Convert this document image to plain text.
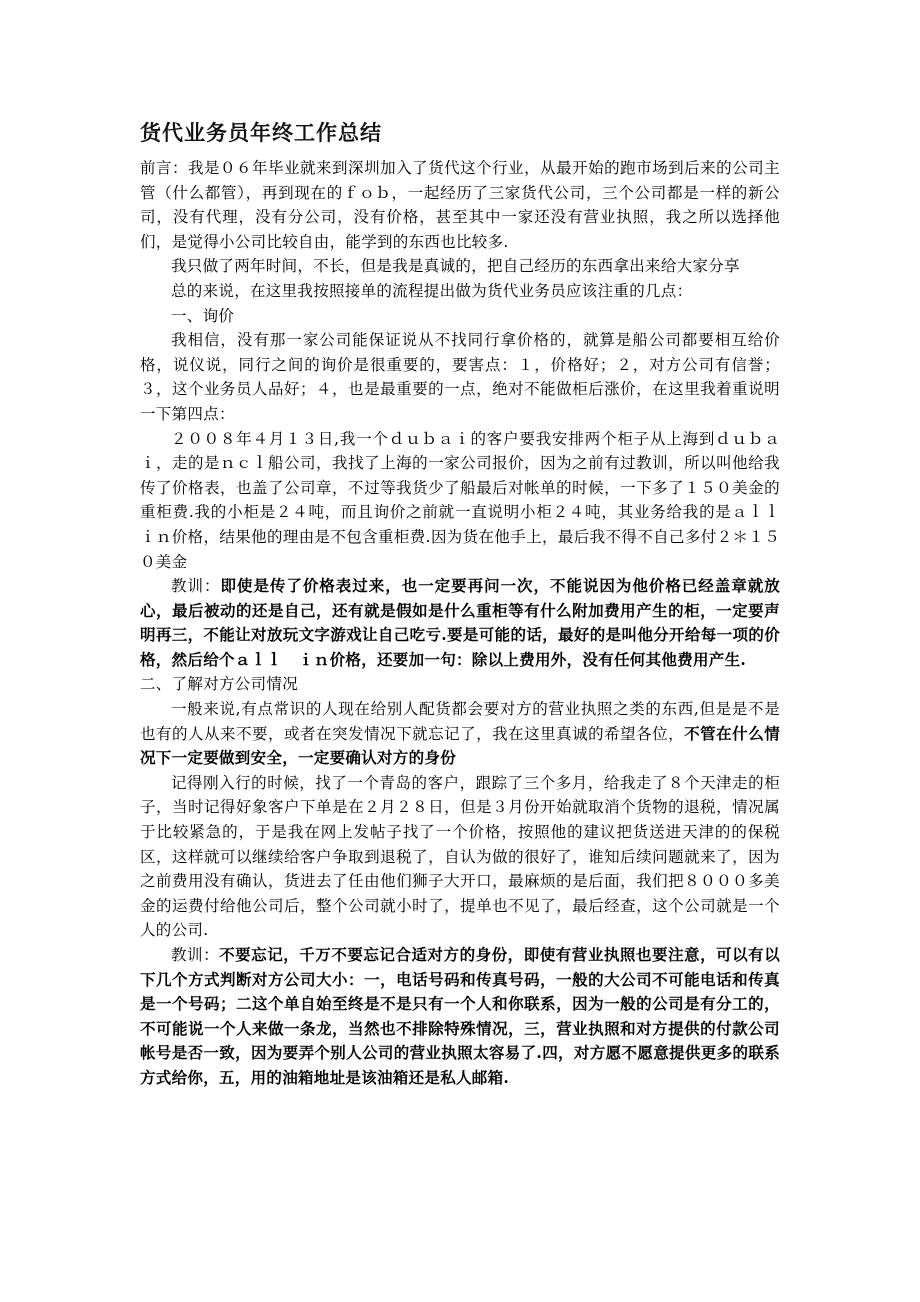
货代业务员年终工作总结

前言：我是０６年毕业就来到深圳加入了货代这个行业，从最开始的跑市场到后来的公司主管（什么都管），再到现在的ｆｏｂ，一起经历了三家货代公司，三个公司都是一样的新公司，没有代理，没有分公司，没有价格，甚至其中一家还没有营业执照，我之所以选择他们，是觉得小公司比较自由，能学到的东西也比较多.

我只做了两年时间，不长，但是我是真诚的，把自己经历的东西拿出来给大家分享

总的来说，在这里我按照接单的流程提出做为货代业务员应该注重的几点：

一、询价

我相信，没有那一家公司能保证说从不找同行拿价格的，就算是船公司都要相互给价格，说仪说，同行之间的询价是很重要的，要害点：１，价格好；２，对方公司有信誉；３，这个业务员人品好；４，也是最重要的一点，绝对不能做柜后涨价，在这里我着重说明一下第四点：

２００８年４月１３日,我一个ｄｕｂａｉ的客户要我安排两个柜子从上海到ｄｕｂａｉ，走的是ｎｃｌ船公司，我找了上海的一家公司报价，因为之前有过教训，所以叫他给我传了价格表，也盖了公司章，不过等我货少了船最后对帐单的时候，一下多了１５０美金的重柜费.我的小柜是２４吨，而且询价之前就一直说明小柜２４吨，其业务给我的是ａｌｌ　ｉｎ价格，结果他的理由是不包含重柜费.因为货在他手上，最后我不得不自己多付２＊１５０美金

教训：即使是传了价格表过来，也一定要再问一次，不能说因为他价格已经盖章就放心，最后被动的还是自己，还有就是假如是什么重柜等有什么附加费用产生的柜，一定要声明再三，不能让对放玩文字游戏让自己吃亏.要是可能的话，最好的是叫他分开给每一项的价格，然后给个ａｌｌ　ｉｎ价格，还要加一句：除以上费用外，没有任何其他费用产生.

二、了解对方公司情况

一般来说,有点常识的人现在给别人配货都会要对方的营业执照之类的东西,但是是不是也有的人从来不要，或者在突发情况下就忘记了，我在这里真诚的希望各位，不管在什么情况下一定要做到安全，一定要确认对方的身份

记得刚入行的时候，找了一个青岛的客户，跟踪了三个多月，给我走了８个天津走的柜子，当时记得好象客户下单是在２月２８日，但是３月份开始就取消个货物的退税，情况属于比较紧急的，于是我在网上发帖子找了一个价格，按照他的建议把货送进天津的的保税区，这样就可以继续给客户争取到退税了，自认为做的很好了，谁知后续问题就来了，因为之前费用没有确认，货进去了任由他们狮子大开口，最麻烦的是后面，我们把８０００多美金的运费付给他公司后，整个公司就小时了，提单也不见了，最后经查，这个公司就是一个人的公司.

教训：不要忘记，千万不要忘记合适对方的身份，即使有营业执照也要注意，可以有以下几个方式判断对方公司大小：一，电话号码和传真号码，一般的大公司不可能电话和传真是一个号码；二这个单自始至终是不是只有一个人和你联系，因为一般的公司是有分工的，不可能说一个人来做一条龙，当然也不排除特殊情况，三，营业执照和对方提供的付款公司帐号是否一致，因为要弄个别人公司的营业执照太容易了.四，对方愿不愿意提供更多的联系方式给你，五，用的油箱地址是该油箱还是私人邮箱.
